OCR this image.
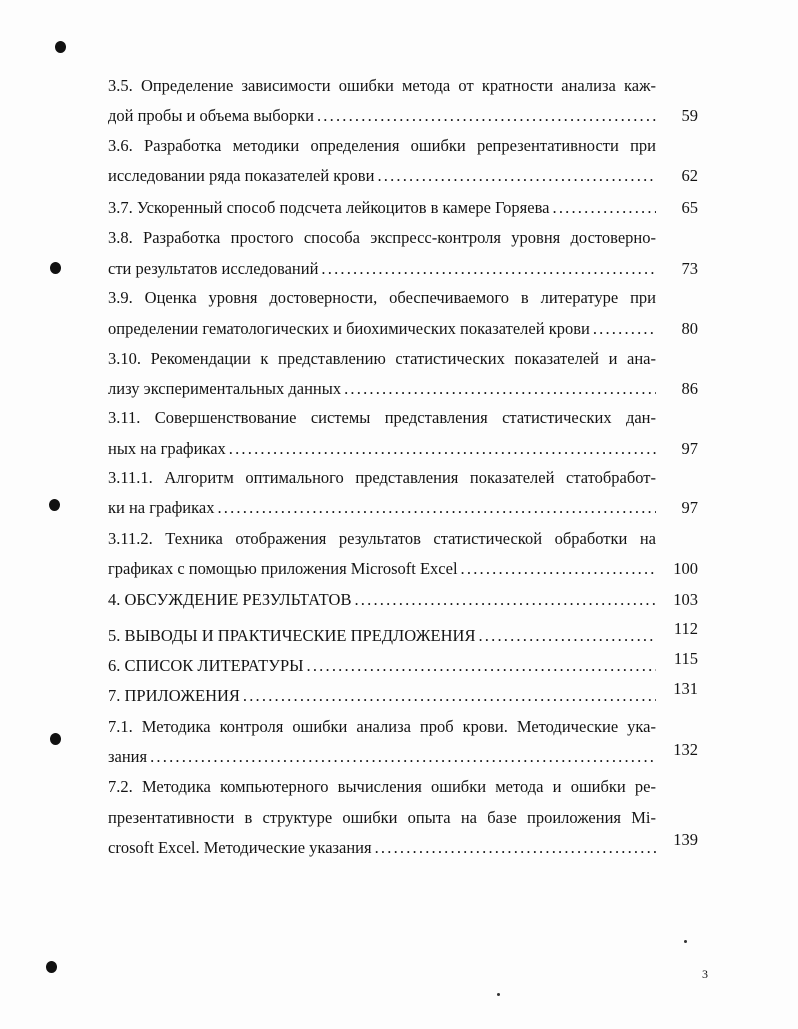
3.5. Определение зависимости ошибки метода от кратности анализа каж-
дой пробы и объема выборки .....	59
3.6. Разработка методики определения ошибки репрезентативности при
исследовании ряда показателей крови .....	62
3.7. Ускоренный способ подсчета лейкоцитов в камере Горяева .....	65
3.8. Разработка простого способа экспресс-контроля уровня достоверно-
сти результатов исследований .....	73
3.9. Оценка уровня достоверности, обеспечиваемого в литературе при
определении гематологических и биохимических показателей крови .....	80
3.10. Рекомендации к представлению статистических показателей и ана-
лизу экспериментальных данных .....	86
3.11. Совершенствование системы представления статистических дан-
ных на графиках .....	97
3.11.1. Алгоритм оптимального представления показателей статобработ-
ки на графиках .....	97
3.11.2. Техника отображения результатов статистической обработки на
графиках с помощью приложения Microsoft Excel .....	100
4. ОБСУЖДЕНИЕ РЕЗУЛЬТАТОВ .....	103
5. ВЫВОДЫ И ПРАКТИЧЕСКИЕ ПРЕДЛОЖЕНИЯ .....	112
6. СПИСОК ЛИТЕРАТУРЫ .....	115
7. ПРИЛОЖЕНИЯ .....	131
7.1. Методика контроля ошибки анализа проб крови. Методические ука-
зания .....	132
7.2. Методика компьютерного вычисления ошибки метода и ошибки ре-
презентативности в структуре ошибки опыта на базе проиложения Mi-
crosoft Excel. Методические указания .....	139
3
